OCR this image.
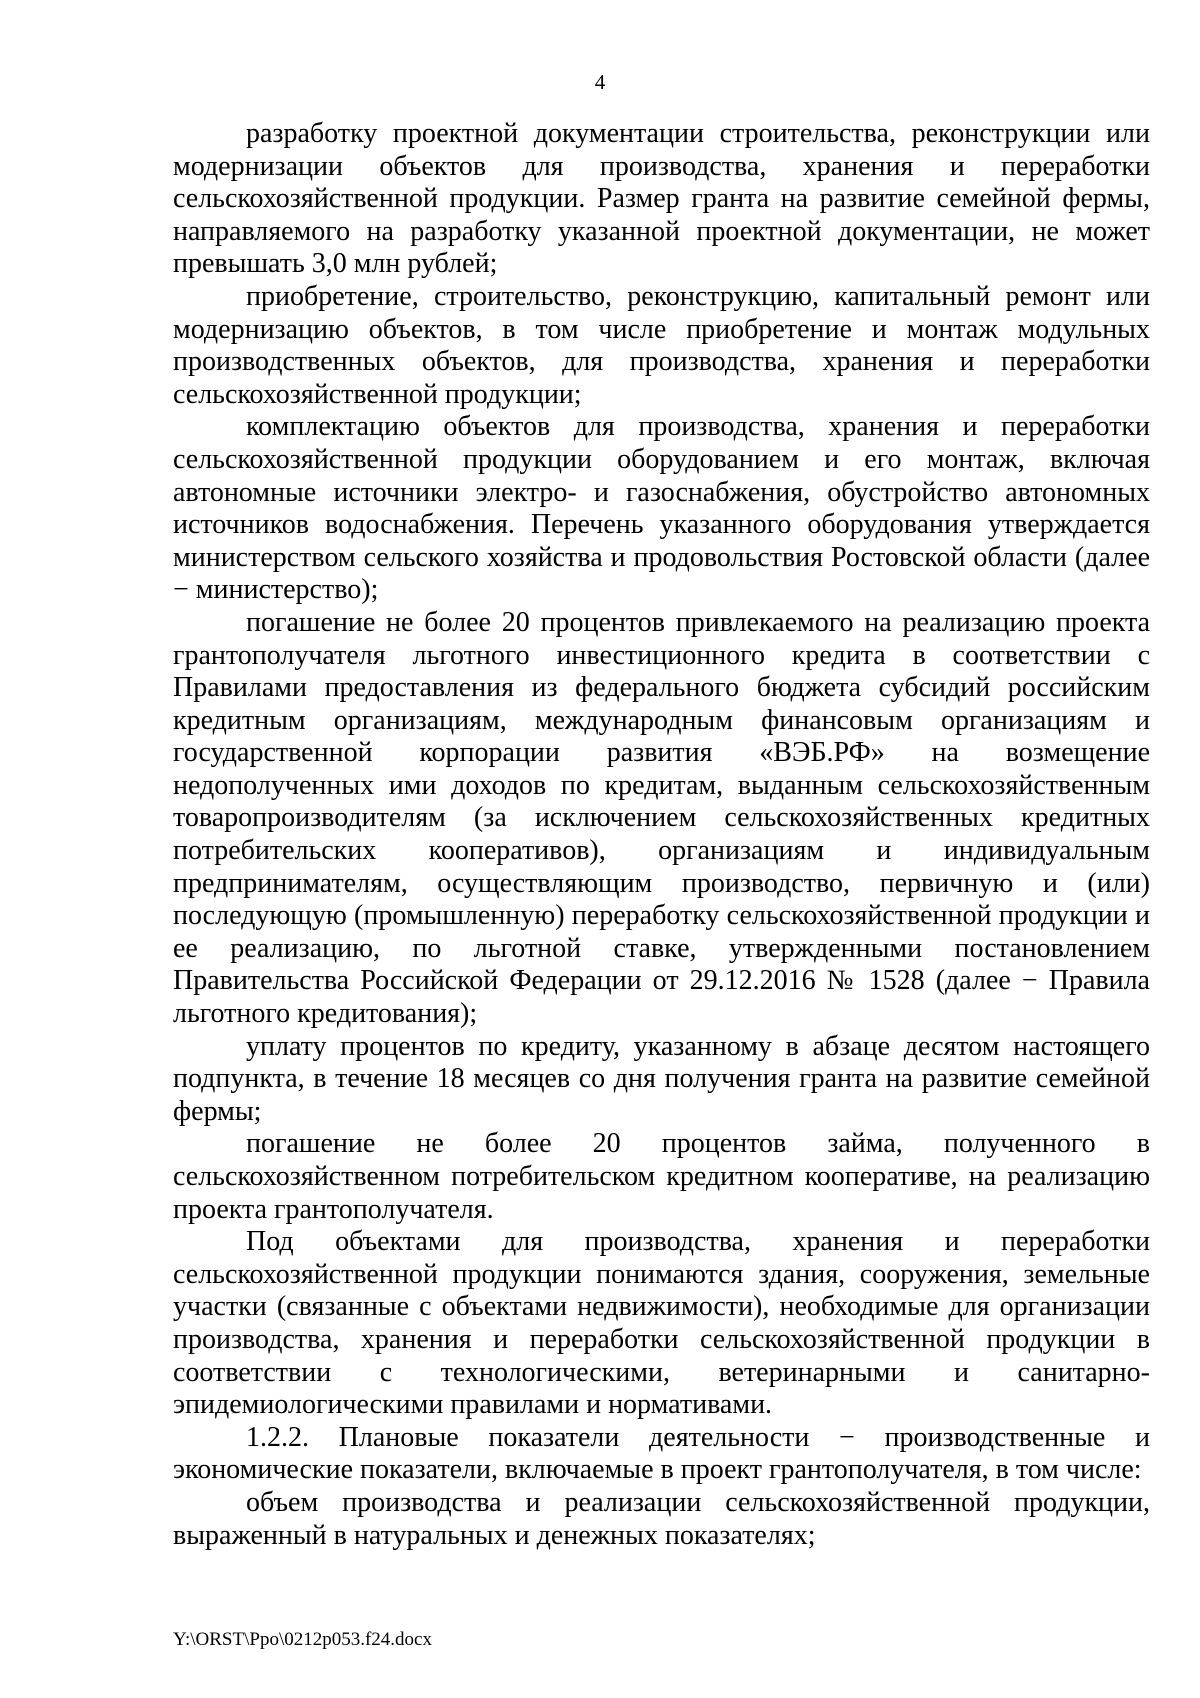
4

разработку проектной документации строительства, реконструкции или модернизации объектов для производства, хранения и переработки сельскохозяйственной продукции. Размер гранта на развитие семейной фермы, направляемого на разработку указанной проектной документации, не может превышать 3,0 млн рублей;

приобретение, строительство, реконструкцию, капитальный ремонт или модернизацию объектов, в том числе приобретение и монтаж модульных производственных объектов, для производства, хранения и переработки сельскохозяйственной продукции;

комплектацию объектов для производства, хранения и переработки сельскохозяйственной продукции оборудованием и его монтаж, включая автономные источники электро- и газоснабжения, обустройство автономных источников водоснабжения. Перечень указанного оборудования утверждается министерством сельского хозяйства и продовольствия Ростовской области (далее − министерство);

погашение не более 20 процентов привлекаемого на реализацию проекта грантополучателя льготного инвестиционного кредита в соответствии с Правилами предоставления из федерального бюджета субсидий российским кредитным организациям, международным финансовым организациям и государственной корпорации развития «ВЭБ.РФ» на возмещение недополученных ими доходов по кредитам, выданным сельскохозяйственным товаропроизводителям (за исключением сельскохозяйственных кредитных потребительских кооперативов), организациям и индивидуальным предпринимателям, осуществляющим производство, первичную и (или) последующую (промышленную) переработку сельскохозяйственной продукции и ее реализацию, по льготной ставке, утвержденными постановлением Правительства Российской Федерации от 29.12.2016 № 1528 (далее − Правила льготного кредитования);

уплату процентов по кредиту, указанному в абзаце десятом настоящего подпункта, в течение 18 месяцев со дня получения гранта на развитие семейной фермы;

погашение не более 20 процентов займа, полученного в сельскохозяйственном потребительском кредитном кооперативе, на реализацию проекта грантополучателя.

Под объектами для производства, хранения и переработки сельскохозяйственной продукции понимаются здания, сооружения, земельные участки (связанные с объектами недвижимости), необходимые для организации производства, хранения и переработки сельскохозяйственной продукции в соответствии с технологическими, ветеринарными и санитарно-эпидемиологическими правилами и нормативами.

1.2.2. Плановые показатели деятельности − производственные и экономические показатели, включаемые в проект грантополучателя, в том числе:

объем производства и реализации сельскохозяйственной продукции, выраженный в натуральных и денежных показателях;

Y:\ORST\Ppo\0212p053.f24.docx
